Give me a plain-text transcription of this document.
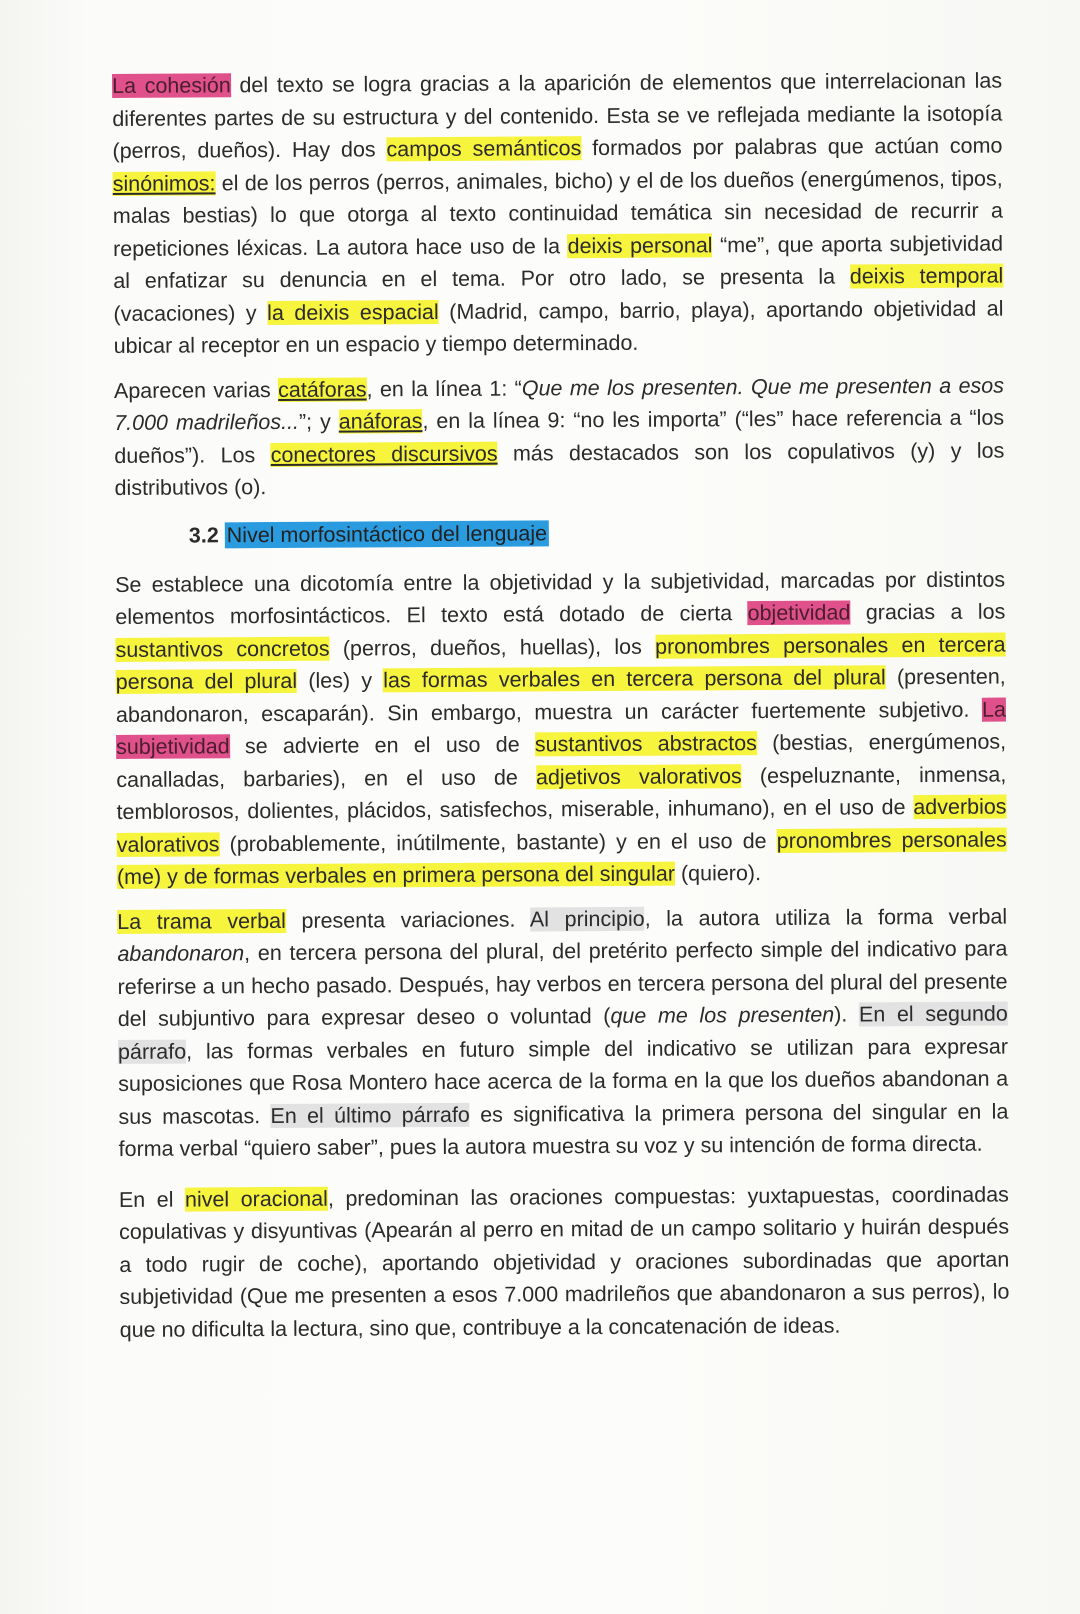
La cohesión del texto se logra gracias a la aparición de elementos que interrelacionan las diferentes partes de su estructura y del contenido. Esta se ve reflejada mediante la isotopía (perros, dueños). Hay dos campos semánticos formados por palabras que actúan como sinónimos: el de los perros (perros, animales, bicho) y el de los dueños (energúmenos, tipos, malas bestias) lo que otorga al texto continuidad temática sin necesidad de recurrir a repeticiones léxicas. La autora hace uso de la deixis personal “me”, que aporta subjetividad al enfatizar su denuncia en el tema. Por otro lado, se presenta la deixis temporal (vacaciones) y la deixis espacial (Madrid, campo, barrio, playa), aportando objetividad al ubicar al receptor en un espacio y tiempo determinado.

Aparecen varias catáforas, en la línea 1: “Que me los presenten. Que me presenten a esos 7.000 madrileños...”; y anáforas, en la línea 9: “no les importa” (“les” hace referencia a “los dueños”). Los conectores discursivos más destacados son los copulativos (y) y los distributivos (o).

3.2 Nivel morfosintáctico del lenguaje

Se establece una dicotomía entre la objetividad y la subjetividad, marcadas por distintos elementos morfosintácticos. El texto está dotado de cierta objetividad gracias a los sustantivos concretos (perros, dueños, huellas), los pronombres personales en tercera persona del plural (les) y las formas verbales en tercera persona del plural (presenten, abandonaron, escaparán). Sin embargo, muestra un carácter fuertemente subjetivo. La subjetividad se advierte en el uso de sustantivos abstractos (bestias, energúmenos, canalladas, barbaries), en el uso de adjetivos valorativos (espeluznante, inmensa, temblorosos, dolientes, plácidos, satisfechos, miserable, inhumano), en el uso de adverbios valorativos (probablemente, inútilmente, bastante) y en el uso de pronombres personales (me) y de formas verbales en primera persona del singular (quiero).

La trama verbal presenta variaciones. Al principio, la autora utiliza la forma verbal abandonaron, en tercera persona del plural, del pretérito perfecto simple del indicativo para referirse a un hecho pasado. Después, hay verbos en tercera persona del plural del presente del subjuntivo para expresar deseo o voluntad (que me los presenten). En el segundo párrafo, las formas verbales en futuro simple del indicativo se utilizan para expresar suposiciones que Rosa Montero hace acerca de la forma en la que los dueños abandonan a sus mascotas. En el último párrafo es significativa la primera persona del singular en la forma verbal “quiero saber”, pues la autora muestra su voz y su intención de forma directa.

En el nivel oracional, predominan las oraciones compuestas: yuxtapuestas, coordinadas copulativas y disyuntivas (Apearán al perro en mitad de un campo solitario y huirán después a todo rugir de coche), aportando objetividad y oraciones subordinadas que aportan subjetividad (Que me presenten a esos 7.000 madrileños que abandonaron a sus perros), lo que no dificulta la lectura, sino que, contribuye a la concatenación de ideas.
